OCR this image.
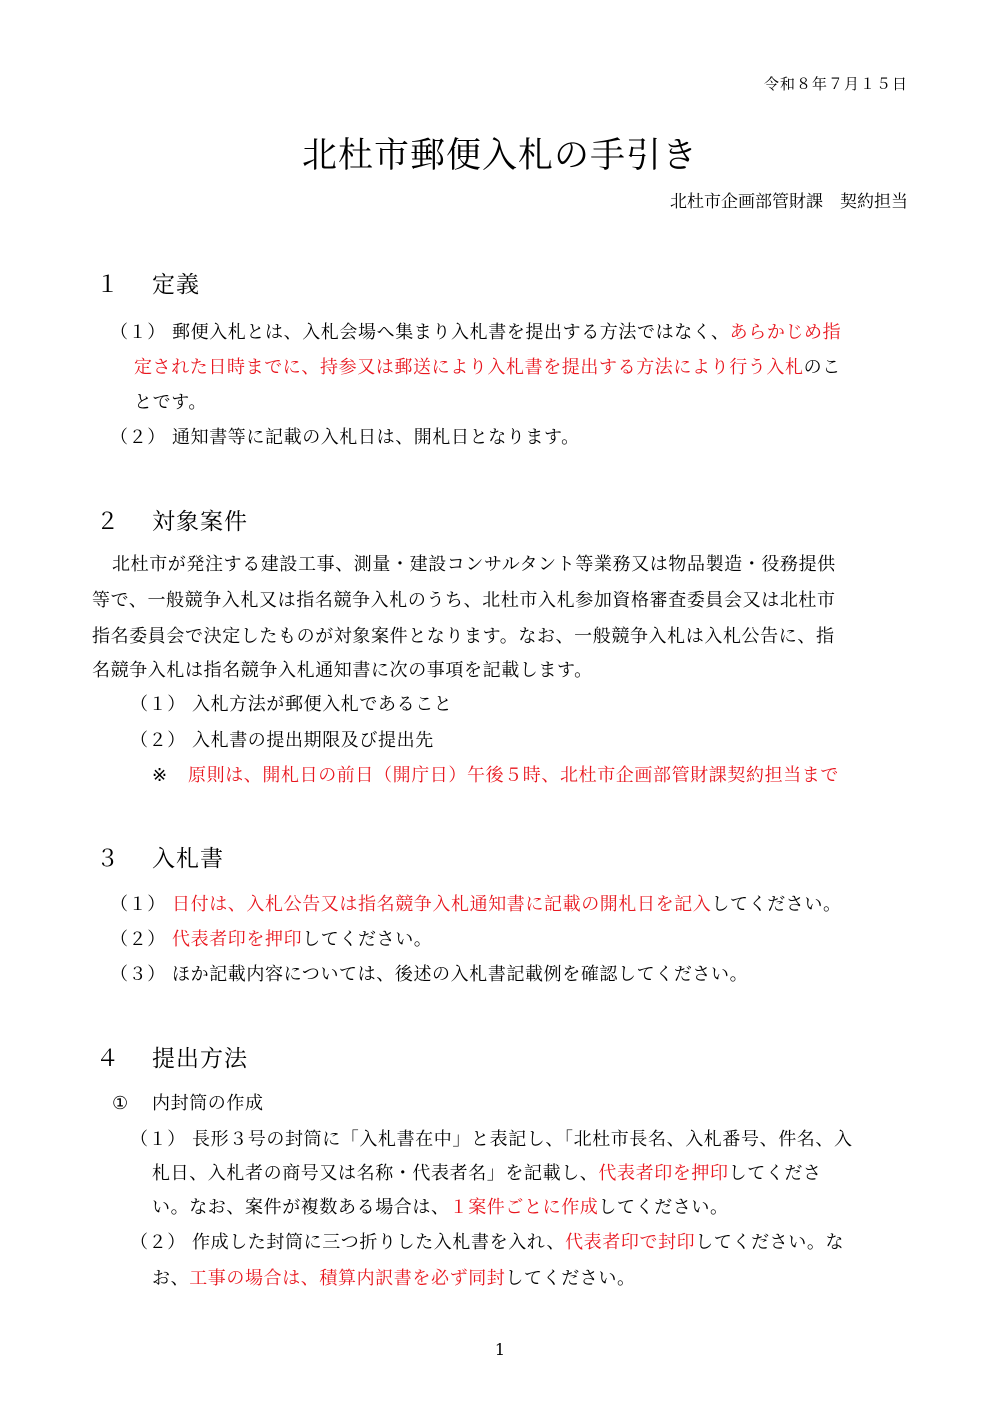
令和８年７月１５日
北杜市郵便入札の手引き
北杜市企画部管財課　契約担当
１ 定義
（１） 郵便入札とは、入札会場へ集まり入札書を提出する方法ではなく、あらかじめ指
定された日時までに、持参又は郵送により入札書を提出する方法により行う入札のこ
とです。
（２） 通知書等に記載の入札日は、開札日となります。
２ 対象案件
北杜市が発注する建設工事、測量・建設コンサルタント等業務又は物品製造・役務提供
等で、一般競争入札又は指名競争入札のうち、北杜市入札参加資格審査委員会又は北杜市
指名委員会で決定したものが対象案件となります。なお、一般競争入札は入札公告に、指
名競争入札は指名競争入札通知書に次の事項を記載します。
（１） 入札方法が郵便入札であること
（２） 入札書の提出期限及び提出先
※ 原則は、開札日の前日（開庁日）午後５時、北杜市企画部管財課契約担当まで
３ 入札書
（１） 日付は、入札公告又は指名競争入札通知書に記載の開札日を記入してください。
（２） 代表者印を押印してください。
（３） ほか記載内容については、後述の入札書記載例を確認してください。
４ 提出方法
① 内封筒の作成
（１） 長形３号の封筒に「入札書在中」と表記し、「北杜市長名、入札番号、件名、入
札日、入札者の商号又は名称・代表者名」を記載し、代表者印を押印してくださ
い。なお、案件が複数ある場合は、１案件ごとに作成してください。
（２） 作成した封筒に三つ折りした入札書を入れ、代表者印で封印してください。な
お、工事の場合は、積算内訳書を必ず同封してください。
1
